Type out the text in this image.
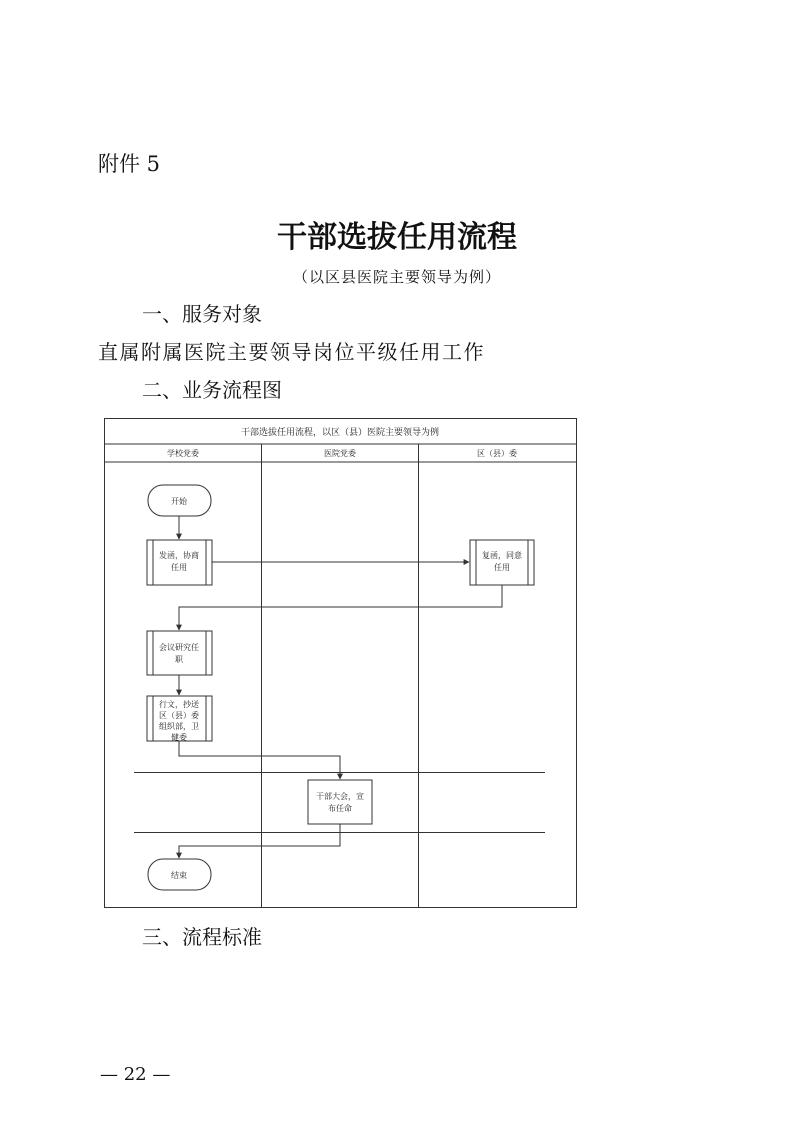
附件 5
干部选拔任用流程
（以区县医院主要领导为例）
一、服务对象
直属附属医院主要领导岗位平级任用工作
二、业务流程图
干部选拔任用流程，以区（县）医院主要领导为例
学校党委	医院党委	区（县）委
开始
发函，协商
任用
复函，同意
任用
会议研究任
职
行文，抄送
区（县）委
组织部，卫
健委
干部大会，宣
布任命
结束
三、流程标准
— 22 —
